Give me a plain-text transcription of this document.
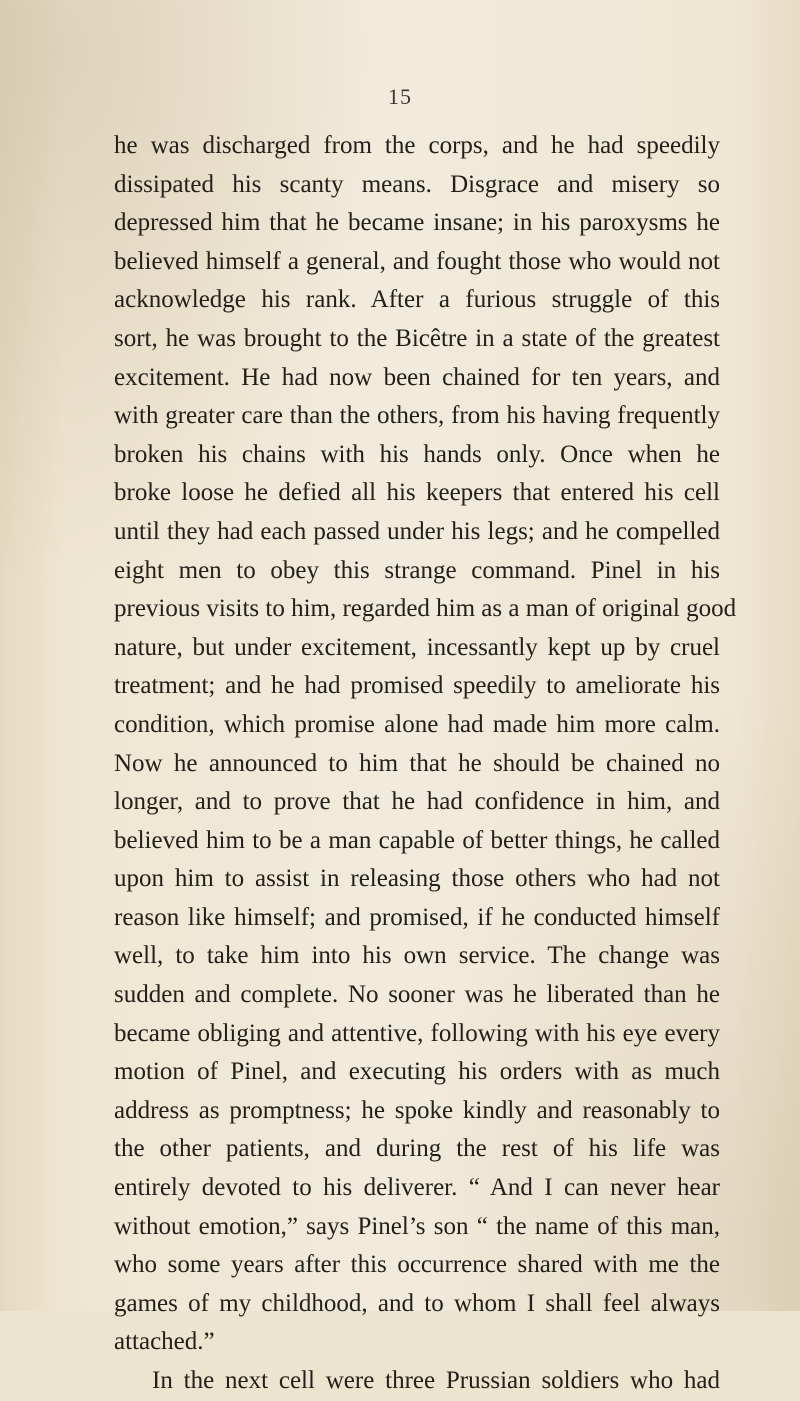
15
he was discharged from the corps, and he had speedily
dissipated his scanty means. Disgrace and misery so
depressed him that he became insane; in his paroxysms he
believed himself a general, and fought those who would not
acknowledge his rank. After a furious struggle of this
sort, he was brought to the Bicêtre in a state of the greatest
excitement. He had now been chained for ten years, and
with greater care than the others, from his having frequently
broken his chains with his hands only. Once when he
broke loose he defied all his keepers that entered his cell
until they had each passed under his legs; and he compelled
eight men to obey this strange command. Pinel in his
previous visits to him, regarded him as a man of original good
nature, but under excitement, incessantly kept up by cruel
treatment; and he had promised speedily to ameliorate his
condition, which promise alone had made him more calm.
Now he announced to him that he should be chained no
longer, and to prove that he had confidence in him, and
believed him to be a man capable of better things, he called
upon him to assist in releasing those others who had not
reason like himself; and promised, if he conducted himself
well, to take him into his own service. The change was
sudden and complete. No sooner was he liberated than he
became obliging and attentive, following with his eye every
motion of Pinel, and executing his orders with as much
address as promptness; he spoke kindly and reasonably to
the other patients, and during the rest of his life was
entirely devoted to his deliverer. “ And I can never hear
without emotion,” says Pinel’s son “ the name of this man,
who some years after this occurrence shared with me the
games of my childhood, and to whom I shall feel always
attached.”
In the next cell were three Prussian soldiers who had
